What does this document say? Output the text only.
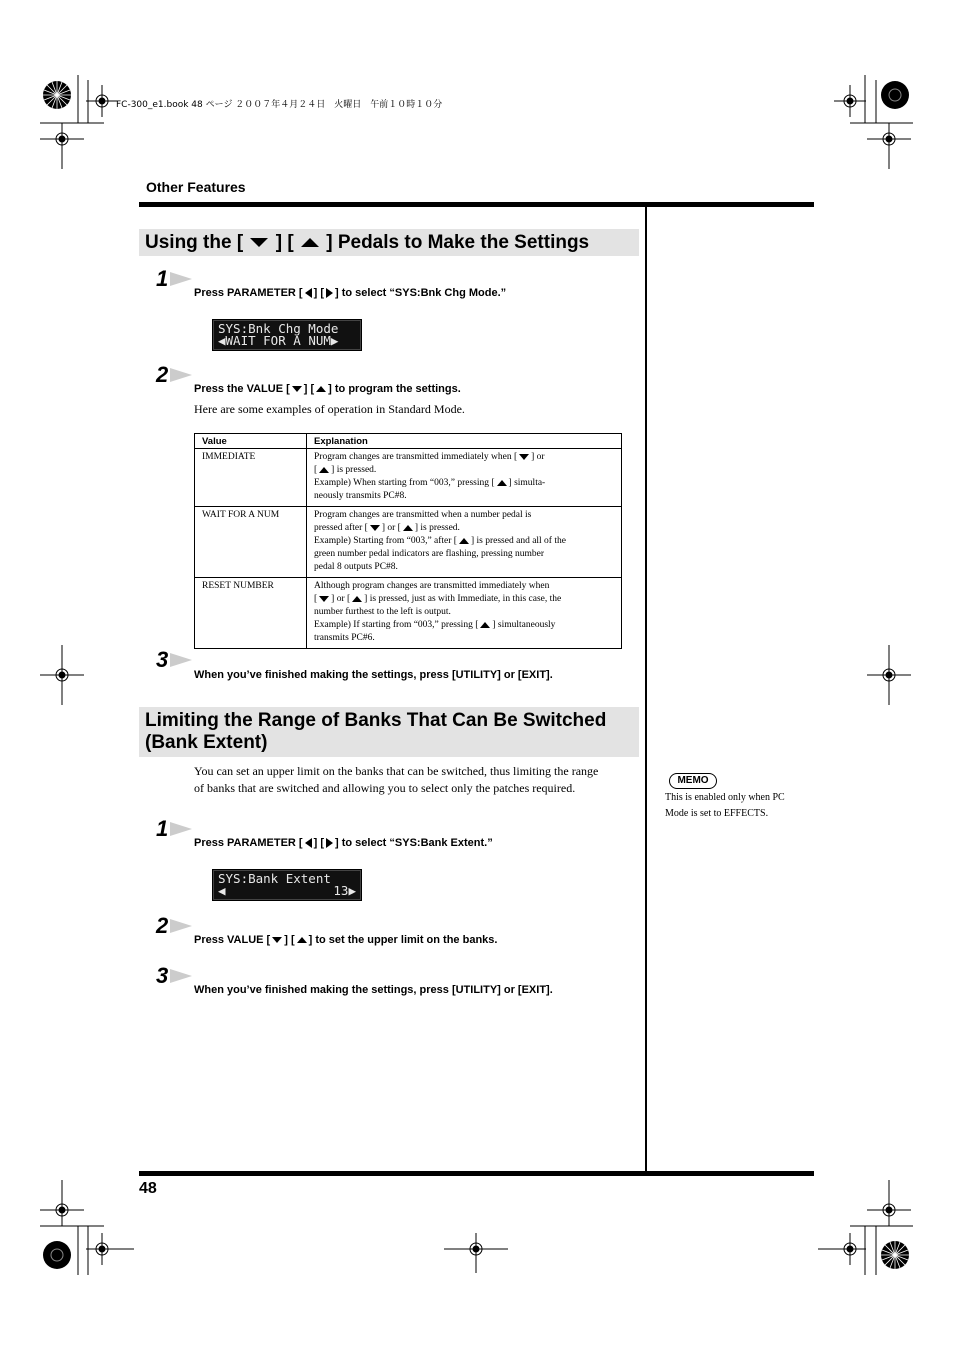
FC-300_e1.book 48 ページ ２００７年４月２４日　火曜日　午前１０時１０分
Other Features
48
Using the [ ] [ ] Pedals to Make the Settings
1
Press PARAMETER [ ] [ ] to select “SYS:Bnk Chg Mode.”
SYS:Bnk Chg Mode
◀WAIT FOR A NUM▶
2
Press the VALUE [ ] [ ] to program the settings.
Here are some examples of operation in Standard Mode.
Value	Explanation
IMMEDIATE	Program changes are transmitted immediately when [ ] or
[ ] is pressed.
Example) When starting from “003,” pressing [ ] simulta-
neously transmits PC#8.
WAIT FOR A NUM	Program changes are transmitted when a number pedal is
pressed after [ ] or [ ] is pressed.
Example) Starting from “003,” after [ ] is pressed and all of the
green number pedal indicators are flashing, pressing number
pedal 8 outputs PC#8.
RESET NUMBER	Although program changes are transmitted immediately when
[ ] or [ ] is pressed, just as with Immediate, in this case, the
number furthest to the left is output.
Example) If starting from “003,” pressing [ ] simultaneously
transmits PC#6.
3
When you’ve finished making the settings, press [UTILITY] or [EXIT].
Limiting the Range of Banks That Can Be Switched
(Bank Extent)
You can set an upper limit on the banks that can be switched, thus limiting the range
of banks that are switched and allowing you to select only the patches required.
1
Press PARAMETER [ ] [ ] to select “SYS:Bank Extent.”
SYS:Bank Extent
◀	13▶
2
Press VALUE [ ] [ ] to set the upper limit on the banks.
3
When you’ve finished making the settings, press [UTILITY] or [EXIT].
MEMO
This is enabled only when PC
Mode is set to EFFECTS.
